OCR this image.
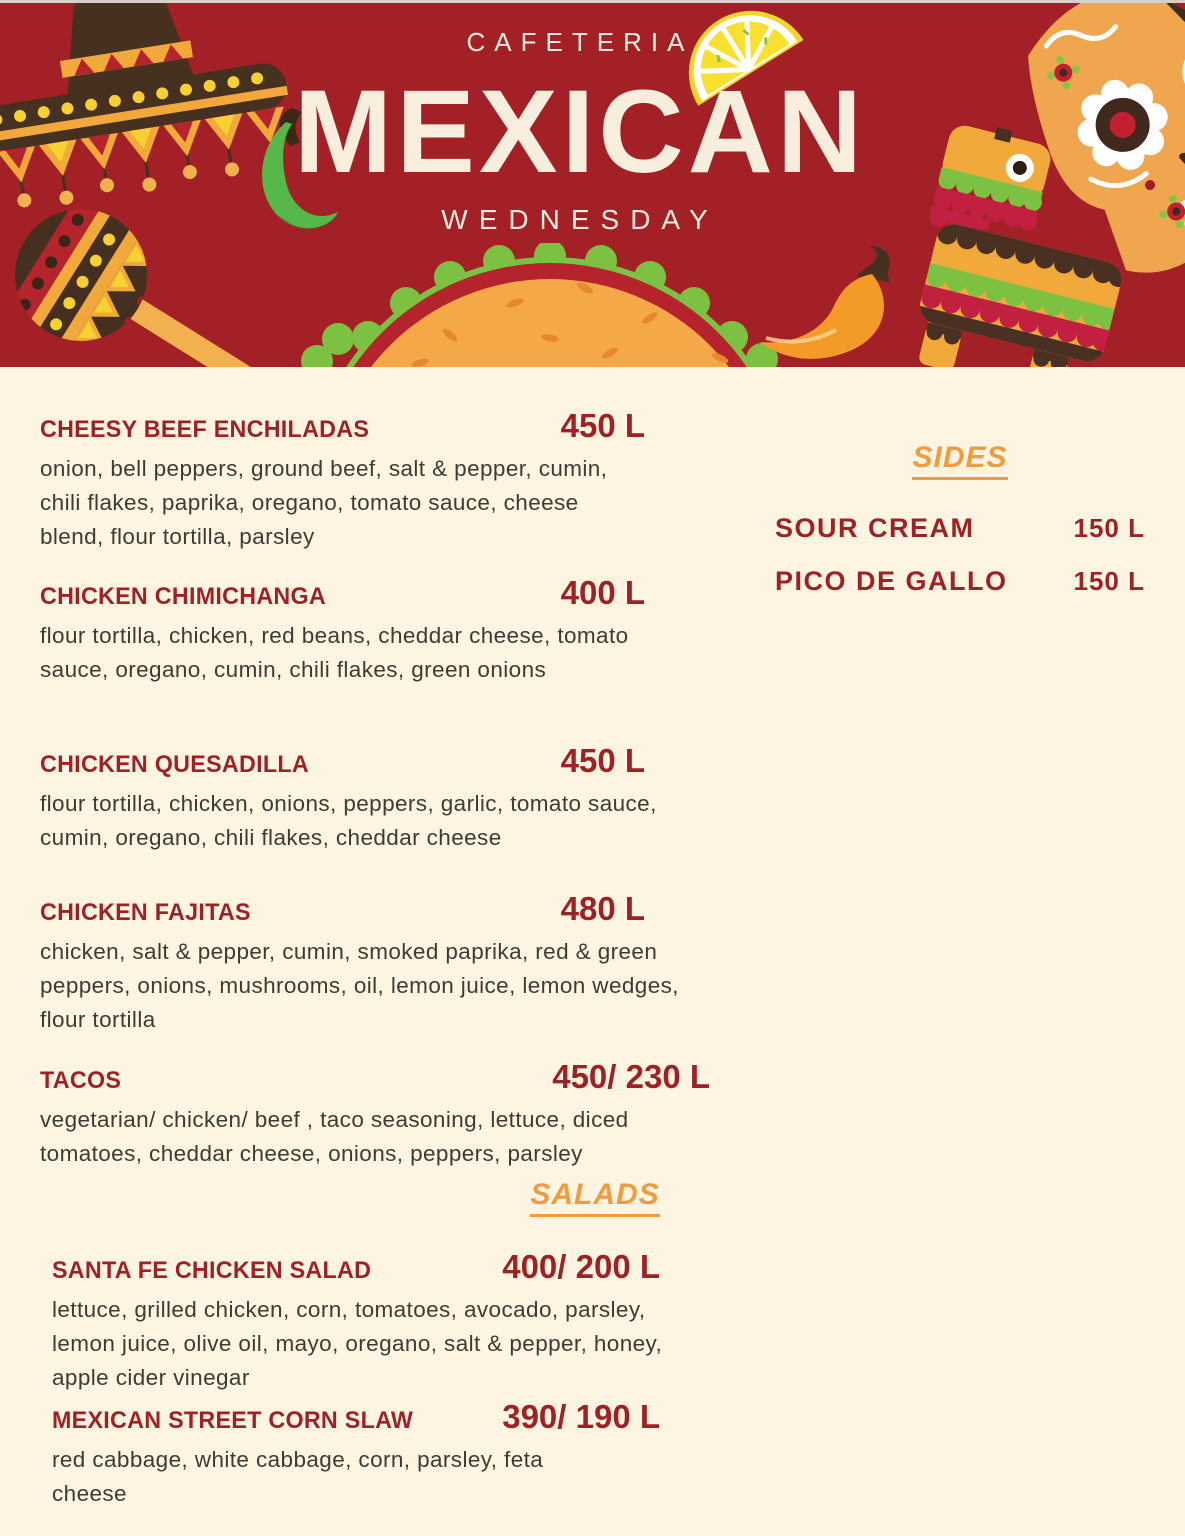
CAFETERIA
MEXICAN
WEDNESDAY
CHEESY BEEF ENCHILADAS	450 L

onion, bell peppers, ground beef, salt & pepper, cumin, chili flakes, paprika, oregano, tomato sauce, cheese blend, flour tortilla, parsley

CHICKEN CHIMICHANGA	400 L

flour tortilla, chicken, red beans, cheddar cheese, tomato sauce, oregano, cumin, chili flakes, green onions

CHICKEN QUESADILLA	450 L

flour tortilla, chicken, onions, peppers, garlic, tomato sauce, cumin, oregano, chili flakes, cheddar cheese

CHICKEN FAJITAS	480 L

chicken, salt & pepper, cumin, smoked paprika, red & green peppers, onions, mushrooms, oil, lemon juice, lemon wedges, flour tortilla

TACOS	450/ 230 L

vegetarian/ chicken/ beef , taco seasoning, lettuce, diced tomatoes, cheddar cheese, onions, peppers, parsley

SALADS
SANTA FE CHICKEN SALAD	400/ 200 L

lettuce, grilled chicken, corn, tomatoes, avocado, parsley, lemon juice, olive oil, mayo, oregano, salt & pepper, honey, apple cider vinegar

MEXICAN STREET CORN SLAW	390/ 190 L

red cabbage, white cabbage, corn, parsley, feta cheese

SIDES
SOUR CREAM	150 L
PICO DE GALLO	150 L
